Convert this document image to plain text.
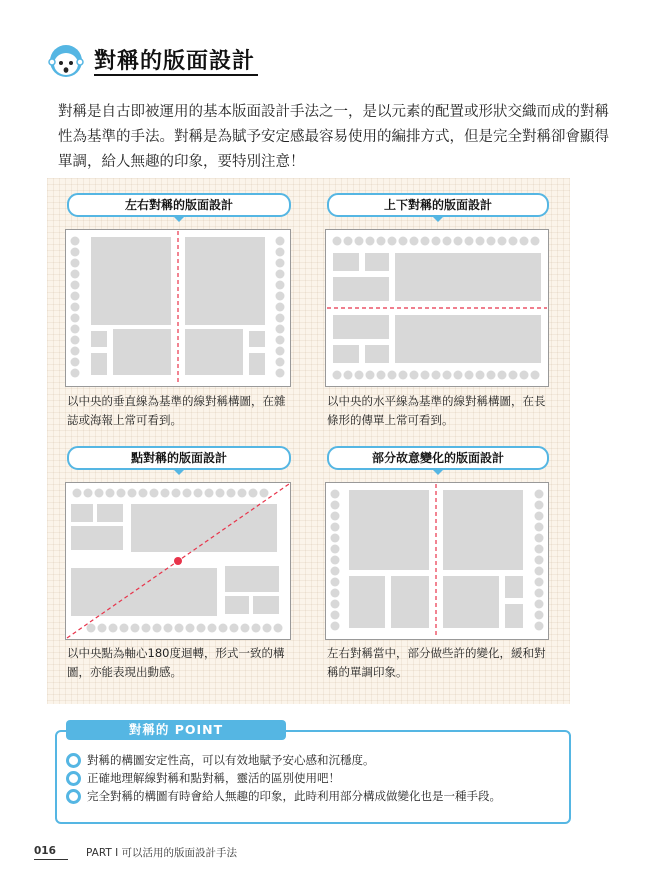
對稱的版面設計
對稱是自古即被運用的基本版面設計手法之一，是以元素的配置或形狀交織而成的對稱性為基準的手法。對稱是為賦予安定感最容易使用的編排方式，但是完全對稱卻會顯得單調，給人無趣的印象，要特別注意！
左右對稱的版面設計
以中央的垂直線為基準的線對稱構圖，在雜誌或海報上常可看到。
上下對稱的版面設計
以中央的水平線為基準的線對稱構圖，在長條形的傳單上常可看到。
點對稱的版面設計
以中央點為軸心180度迴轉，形式一致的構圖，亦能表現出動感。
部分故意變化的版面設計
左右對稱當中，部分做些許的變化，緩和對稱的單調印象。
對稱的 POINT
對稱的構圖安定性高，可以有效地賦予安心感和沉穩度。
正確地理解線對稱和點對稱，靈活的區別使用吧！
完全對稱的構圖有時會給人無趣的印象，此時利用部分構成做變化也是一種手段。
016	PART I 可以活用的版面設計手法
